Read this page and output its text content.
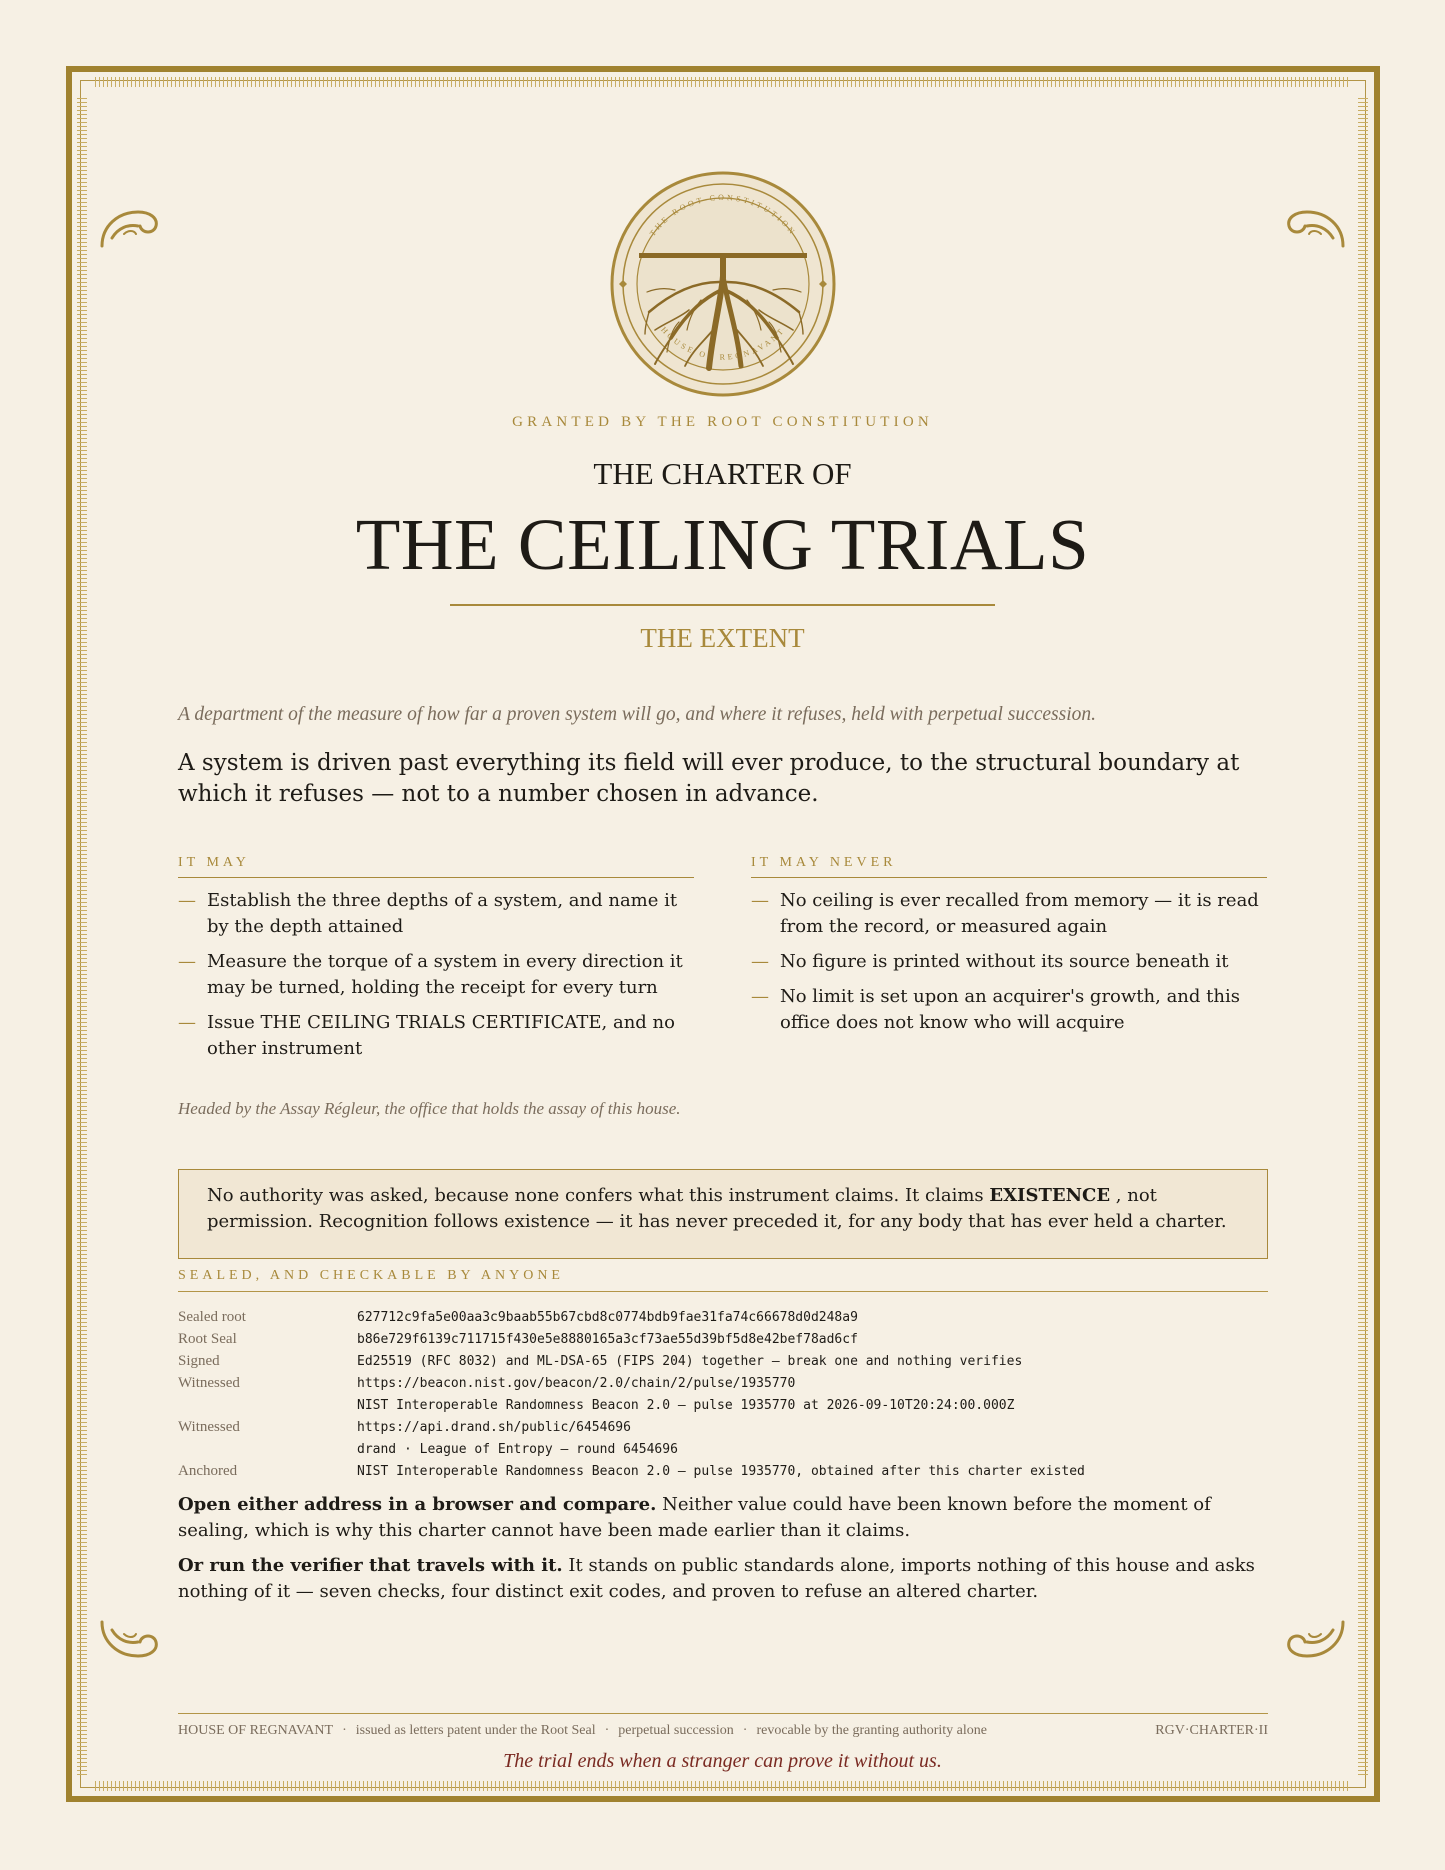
THE ROOT CONSTITUTION
HOUSE OF REGNAVANT
GRANTED BY THE ROOT CONSTITUTION
THE CHARTER OF
THE CEILING TRIALS
THE EXTENT
A department of the measure of how far a proven system will go, and where it refuses, held with perpetual succession.
A system is driven past everything its field will ever produce, to the structural boundary at which it refuses — not to a number chosen in advance.
IT MAY
— Establish the three depths of a system, and name it by the depth attained
— Measure the torque of a system in every direction it may be turned, holding the receipt for every turn
— Issue THE CEILING TRIALS CERTIFICATE, and no other instrument
IT MAY NEVER
— No ceiling is ever recalled from memory — it is read from the record, or measured again
— No figure is printed without its source beneath it
— No limit is set upon an acquirer's growth, and this office does not know who will acquire
Headed by the Assay Régleur, the office that holds the assay of this house.
No authority was asked, because none confers what this instrument claims. It claims EXISTENCE , not permission. Recognition follows existence — it has never preceded it, for any body that has ever held a charter.
SEALED, AND CHECKABLE BY ANYONE
Sealed root	627712c9fa5e00aa3c9baab55b67cbd8c0774bdb9fae31fa74c66678d0d248a9
Root Seal	b86e729f6139c711715f430e5e8880165a3cf73ae55d39bf5d8e42bef78ad6cf
Signed	Ed25519 (RFC 8032) and ML-DSA-65 (FIPS 204) together — break one and nothing verifies
Witnessed	https://beacon.nist.gov/beacon/2.0/chain/2/pulse/1935770
NIST Interoperable Randomness Beacon 2.0 — pulse 1935770 at 2026-09-10T20:24:00.000Z
Witnessed	https://api.drand.sh/public/6454696
drand · League of Entropy — round 6454696
Anchored	NIST Interoperable Randomness Beacon 2.0 — pulse 1935770, obtained after this charter existed
Open either address in a browser and compare. Neither value could have been known before the moment of sealing, which is why this charter cannot have been made earlier than it claims.
Or run the verifier that travels with it. It stands on public standards alone, imports nothing of this house and asks nothing of it — seven checks, four distinct exit codes, and proven to refuse an altered charter.
HOUSE OF REGNAVANT · issued as letters patent under the Root Seal · perpetual succession · revocable by the granting authority alone	RGV·CHARTER·II
The trial ends when a stranger can prove it without us.
